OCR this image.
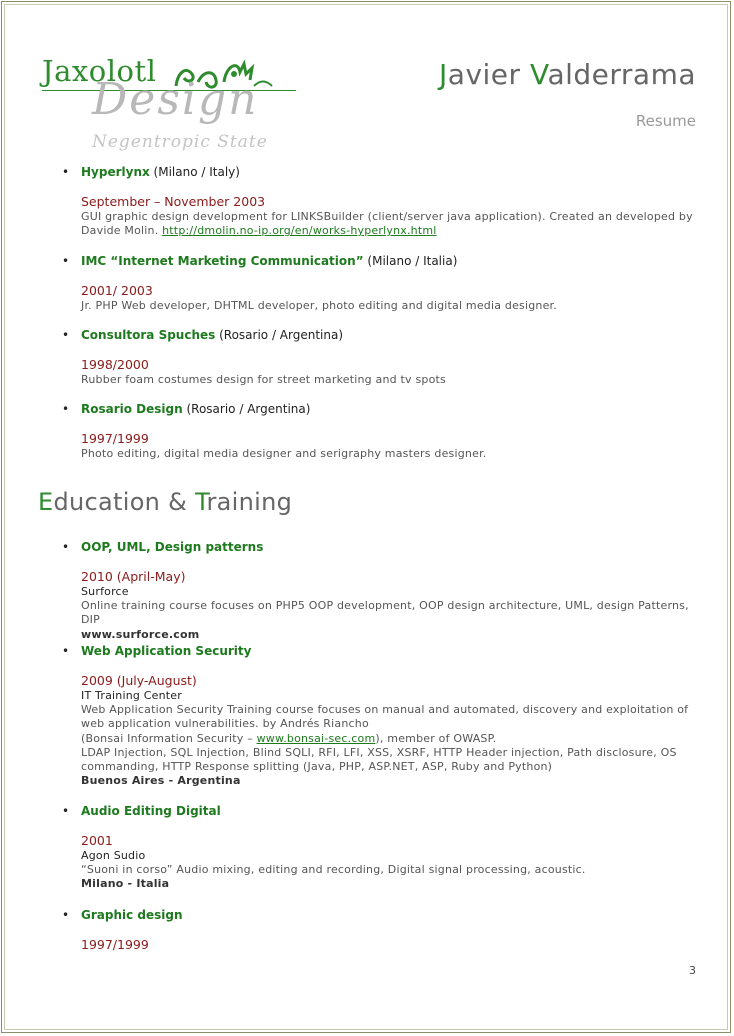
Jaxolotl
Design
Negentropic State
Javier Valderrama
Resume
• Hyperlynx (Milano / Italy)
September – November 2003
GUI graphic design development for LINKSBuilder (client/server java application). Created an developed by
Davide Molin. http://dmolin.no-ip.org/en/works-hyperlynx.html
• IMC “Internet Marketing Communication” (Milano / Italia)
2001/ 2003
Jr. PHP Web developer, DHTML developer, photo editing and digital media designer.
• Consultora Spuches (Rosario / Argentina)
1998/2000
Rubber foam costumes design for street marketing and tv spots
• Rosario Design (Rosario / Argentina)
1997/1999
Photo editing, digital media designer and serigraphy masters designer.
Education & Training
• OOP, UML, Design patterns
2010 (April-May)
Surforce
Online training course focuses on PHP5 OOP development, OOP design architecture, UML, design Patterns, DIP
www.surforce.com
• Web Application Security
2009 (July-August)
IT Training Center
Web Application Security Training course focuses on manual and automated, discovery and exploitation of
web application vulnerabilities. by Andrés Riancho
(Bonsai Information Security – www.bonsai-sec.com), member of OWASP.
LDAP Injection, SQL Injection, Blind SQLI, RFI, LFI, XSS, XSRF, HTTP Header injection, Path disclosure, OS
commanding, HTTP Response splitting (Java, PHP, ASP.NET, ASP, Ruby and Python)
Buenos Aires - Argentina
• Audio Editing Digital
2001
Agon Sudio
“Suoni in corso” Audio mixing, editing and recording, Digital signal processing, acoustic.
Milano - Italia
• Graphic design
1997/1999
3
